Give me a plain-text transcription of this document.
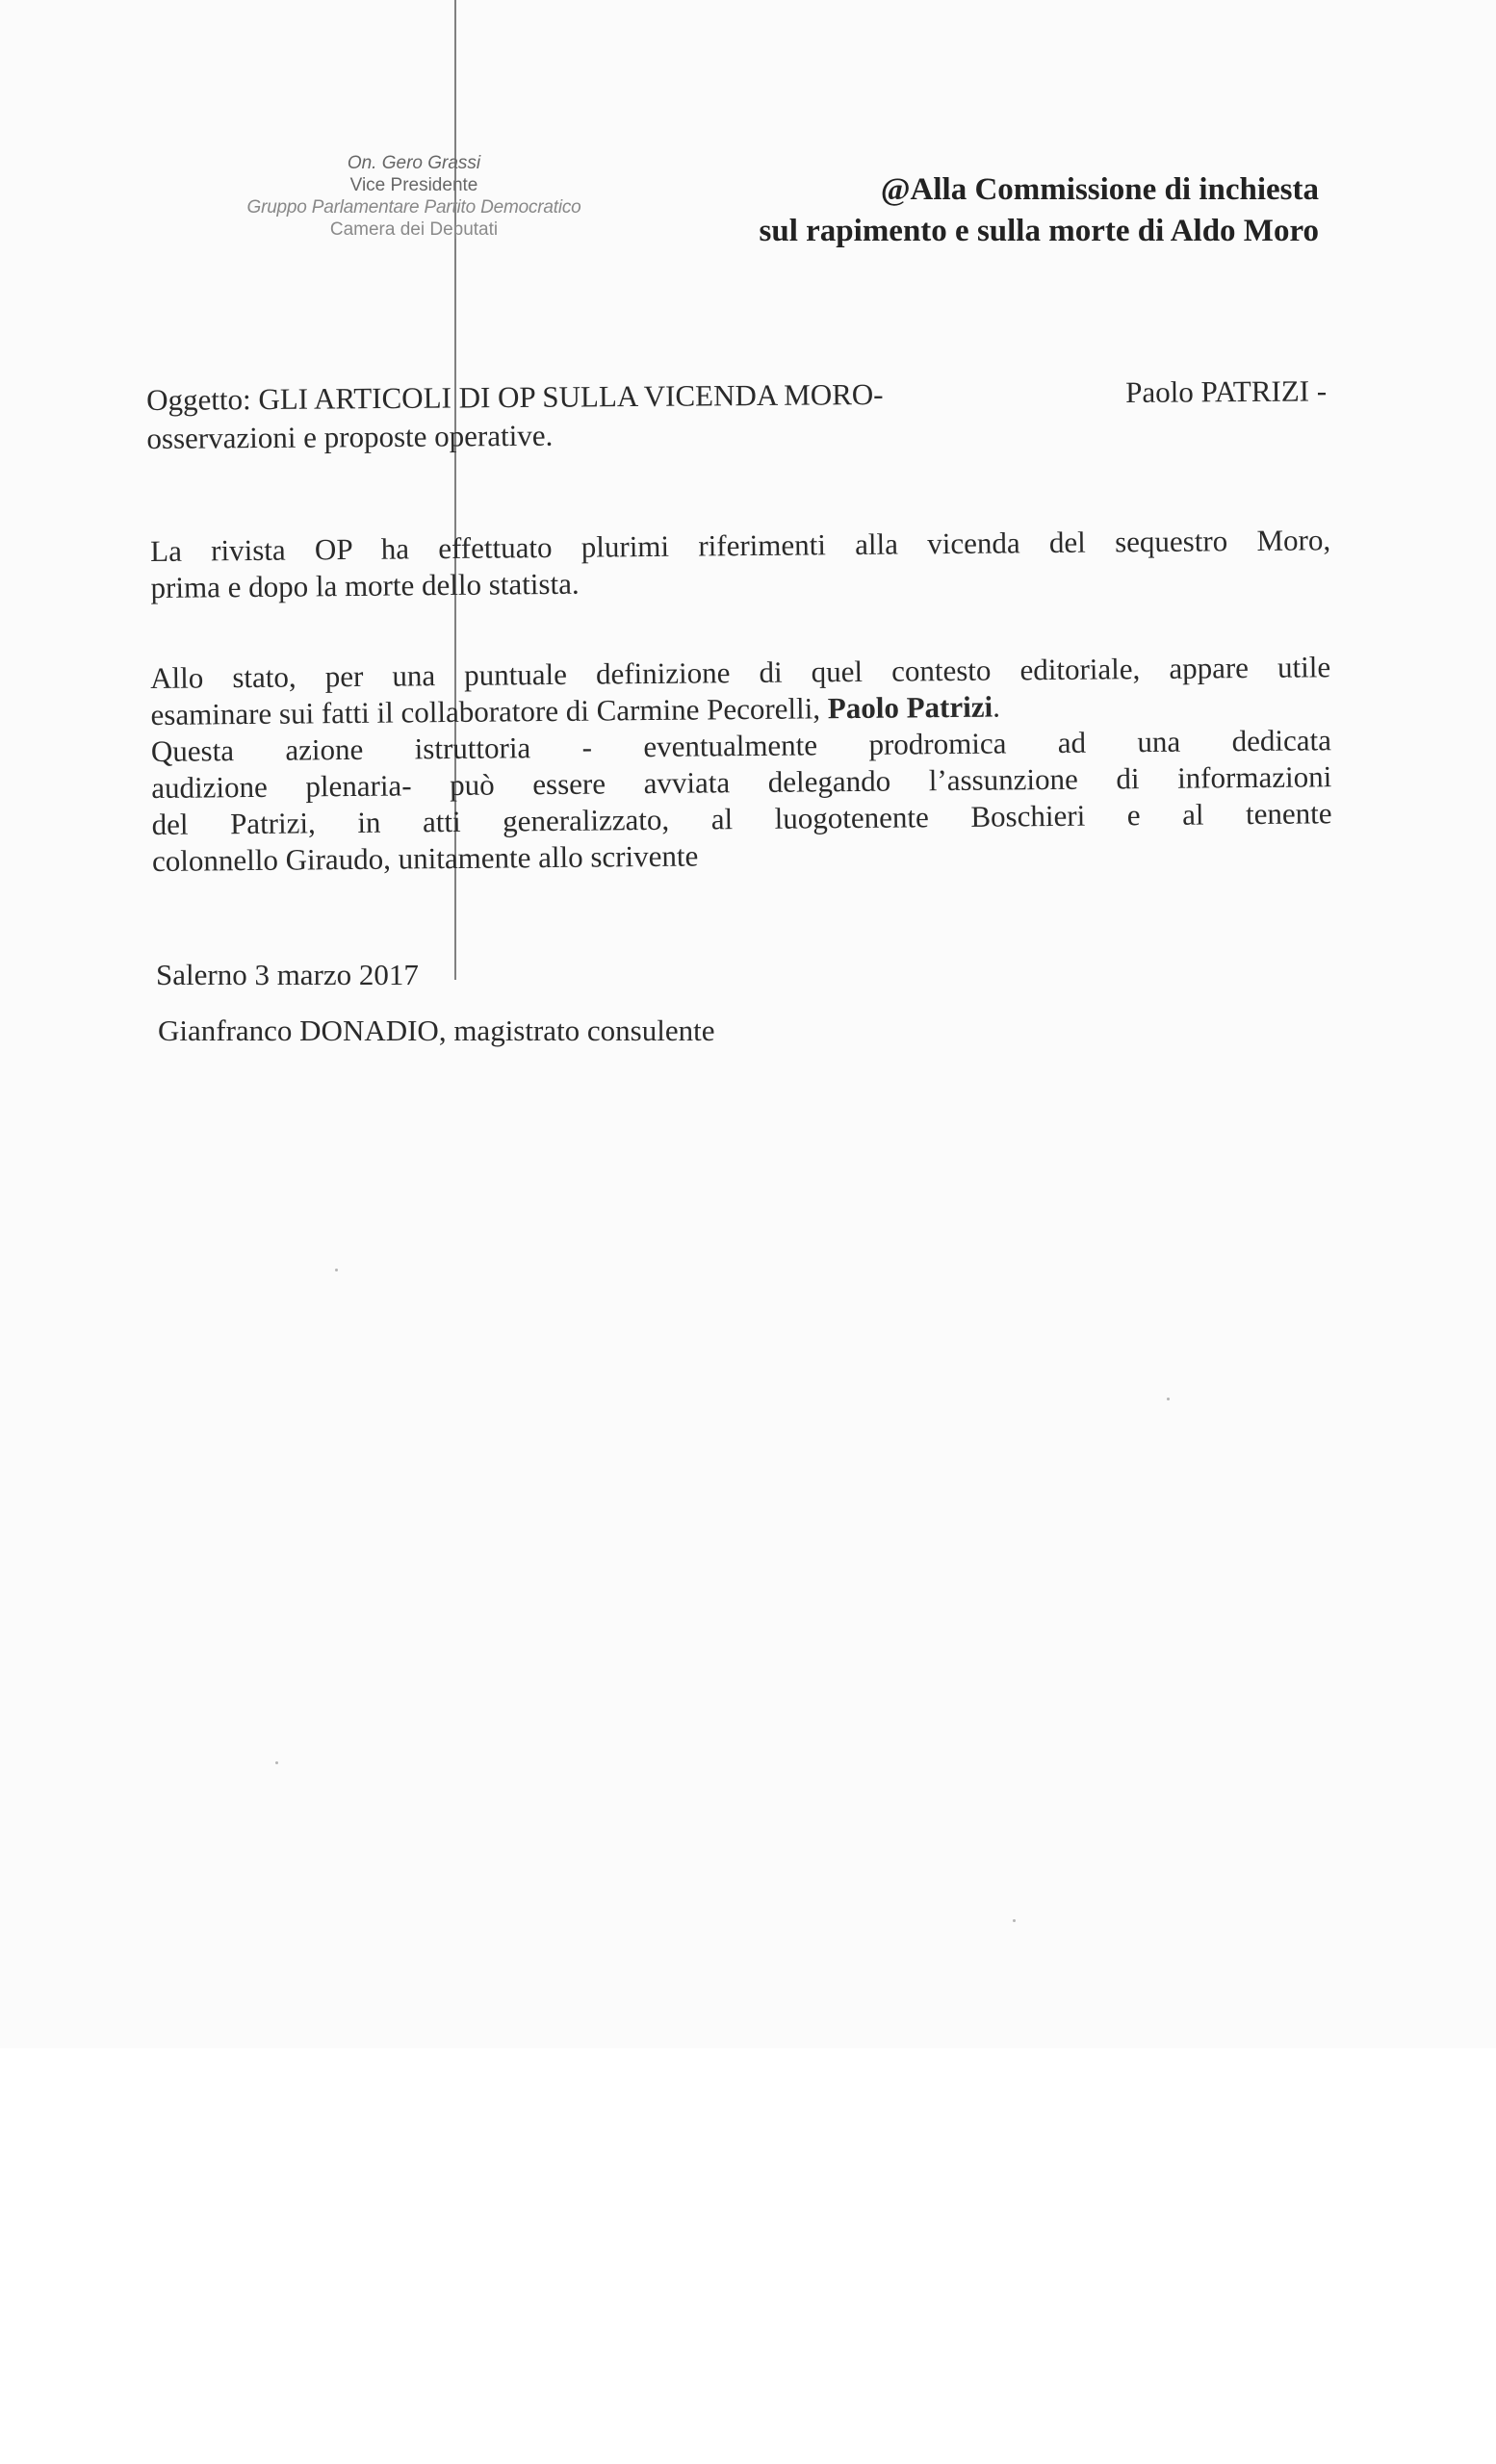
On. Gero Grassi
Vice Presidente
Gruppo Parlamentare Partito Democratico
Camera dei Deputati
@Alla Commissione di inchiesta
sul rapimento e sulla morte di Aldo Moro
Oggetto: GLI ARTICOLI DI OP SULLA VICENDA MORO-	Paolo PATRIZI -
osservazioni e proposte operative.
La rivista OP ha effettuato plurimi riferimenti alla vicenda del sequestro Moro,
prima e dopo la morte dello statista.
Allo stato, per una puntuale definizione di quel contesto editoriale, appare utile
esaminare sui fatti il collaboratore di Carmine Pecorelli, Paolo Patrizi.
Questa azione istruttoria - eventualmente prodromica ad una dedicata
audizione plenaria- può essere avviata delegando l’assunzione di informazioni
del Patrizi, in atti generalizzato, al luogotenente Boschieri e al tenente
colonnello Giraudo, unitamente allo scrivente
Salerno 3 marzo 2017
Gianfranco DONADIO, magistrato consulente
